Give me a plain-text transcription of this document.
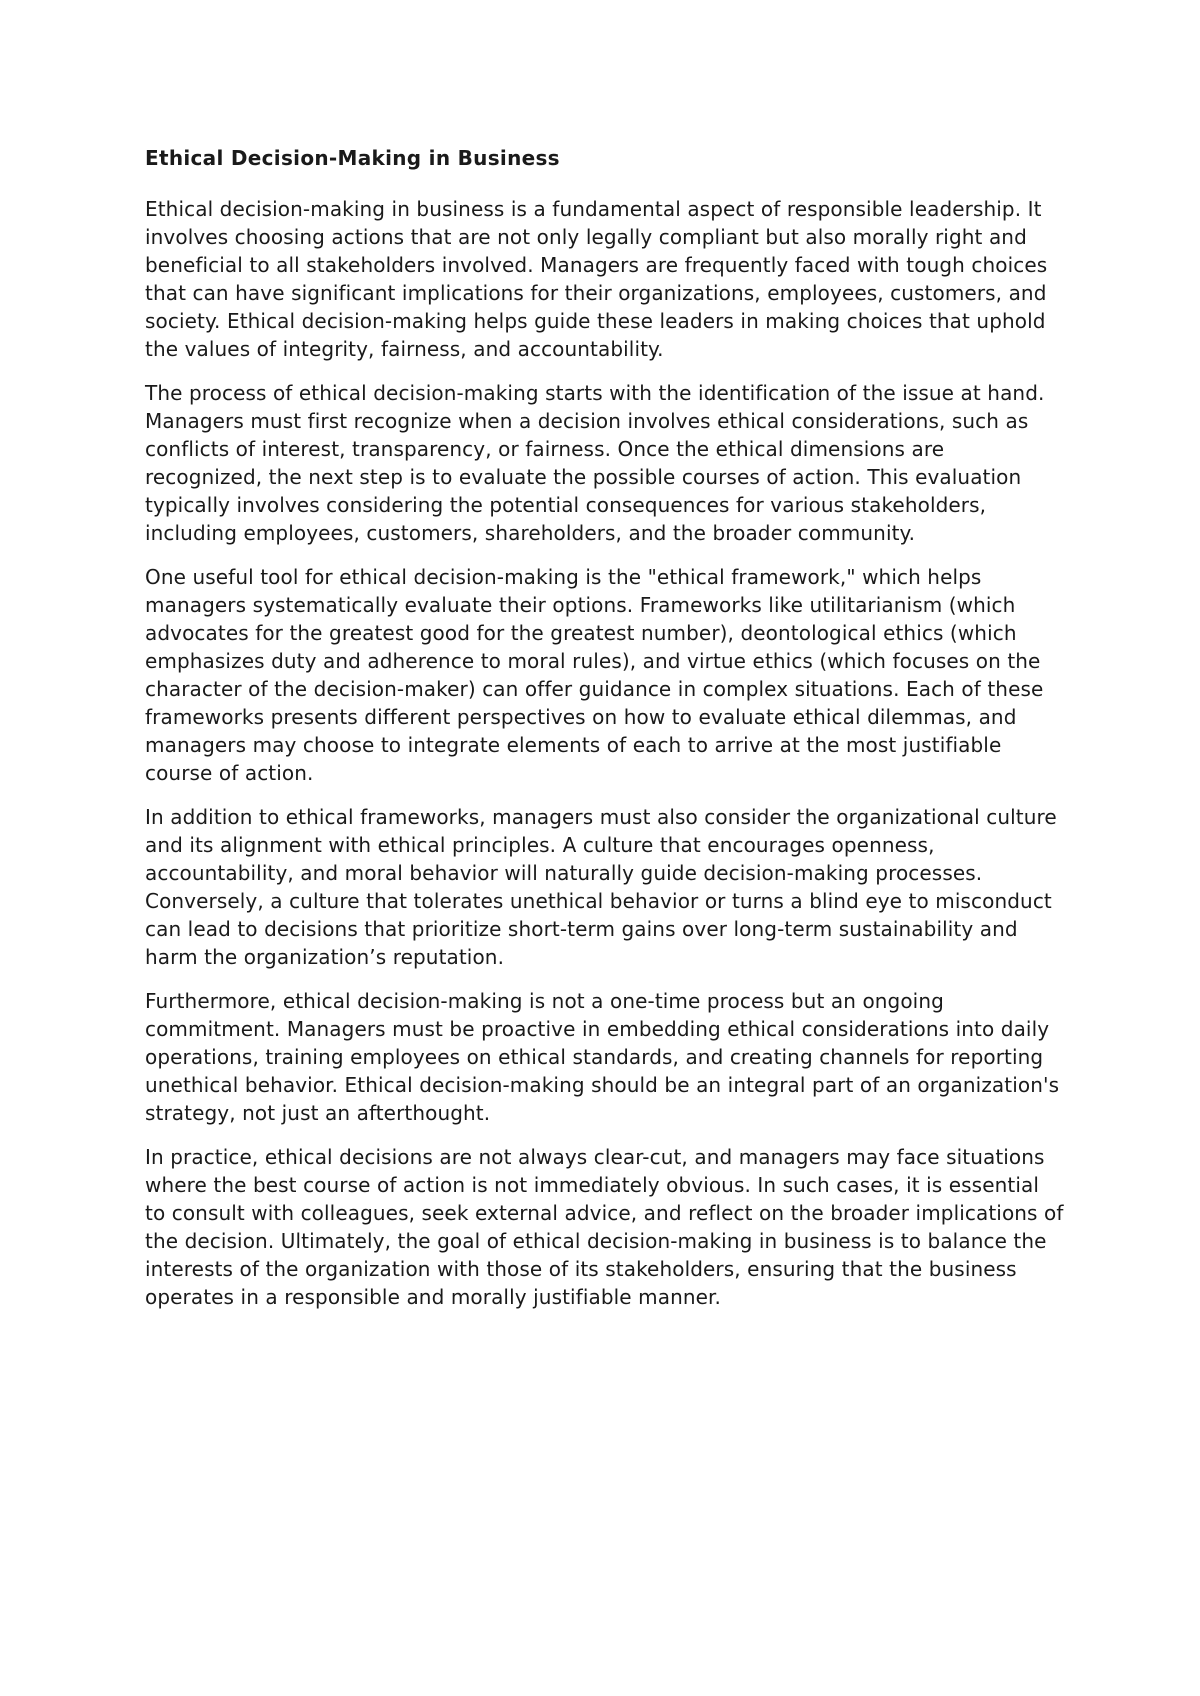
Ethical Decision-Making in Business

Ethical decision-making in business is a fundamental aspect of responsible leadership. It involves choosing actions that are not only legally compliant but also morally right and beneficial to all stakeholders involved. Managers are frequently faced with tough choices that can have significant implications for their organizations, employees, customers, and society. Ethical decision-making helps guide these leaders in making choices that uphold the values of integrity, fairness, and accountability.

The process of ethical decision-making starts with the identification of the issue at hand. Managers must first recognize when a decision involves ethical considerations, such as conflicts of interest, transparency, or fairness. Once the ethical dimensions are recognized, the next step is to evaluate the possible courses of action. This evaluation typically involves considering the potential consequences for various stakeholders, including employees, customers, shareholders, and the broader community.

One useful tool for ethical decision-making is the "ethical framework," which helps managers systematically evaluate their options. Frameworks like utilitarianism (which advocates for the greatest good for the greatest number), deontological ethics (which emphasizes duty and adherence to moral rules), and virtue ethics (which focuses on the character of the decision-maker) can offer guidance in complex situations. Each of these frameworks presents different perspectives on how to evaluate ethical dilemmas, and managers may choose to integrate elements of each to arrive at the most justifiable course of action.

In addition to ethical frameworks, managers must also consider the organizational culture and its alignment with ethical principles. A culture that encourages openness, accountability, and moral behavior will naturally guide decision-making processes. Conversely, a culture that tolerates unethical behavior or turns a blind eye to misconduct can lead to decisions that prioritize short-term gains over long-term sustainability and harm the organization’s reputation.

Furthermore, ethical decision-making is not a one-time process but an ongoing commitment. Managers must be proactive in embedding ethical considerations into daily operations, training employees on ethical standards, and creating channels for reporting unethical behavior. Ethical decision-making should be an integral part of an organization's strategy, not just an afterthought.

In practice, ethical decisions are not always clear-cut, and managers may face situations where the best course of action is not immediately obvious. In such cases, it is essential to consult with colleagues, seek external advice, and reflect on the broader implications of the decision. Ultimately, the goal of ethical decision-making in business is to balance the interests of the organization with those of its stakeholders, ensuring that the business operates in a responsible and morally justifiable manner.
